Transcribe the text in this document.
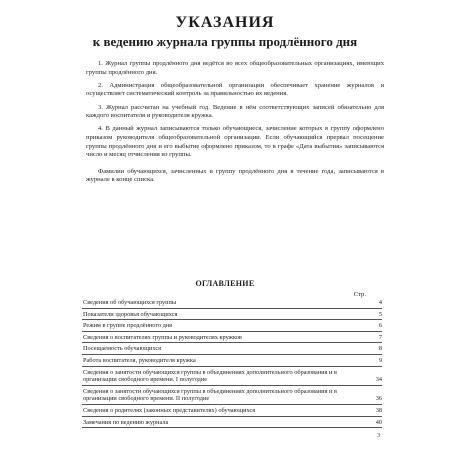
УКАЗАНИЯ
к ведению журнала группы продлённого дня

1. Журнал группы продлённого дня ведётся во всех общеобразовательных организациях, имеющих группы продлённого дня.

2. Администрация общеобразовательной организации обеспечивает хранение журналов и осуществляет систематический контроль за правильностью их ведения.

3. Журнал рассчитан на учебный год. Ведение в нём соответствующих записей обязательно для каждого воспитателя и руководителя кружка.

4. В данный журнал записываются только обучающиеся, зачисление которых в группу оформлено приказом руководителя общеобразовательной организации. Если обучающийся прервал посещение группы продлённого дня и его выбытие оформлено приказом, то в графе «Дата выбытия» записываются число и месяц отчисления из группы.

Фамилии обучающихся, зачисленных в группу продлённого дня в течение года, записываются в журнале в конце списка.

ОГЛАВЛЕНИЕ
Стр.
Сведения об обучающихся группы	4
Показатели здоровья обучающихся	5
Режим в группе продлённого дня	6
Сведения о воспитателях группы и руководителях кружков	7
Посещаемость обучающихся	8
Работа воспитателя, руководителя кружка	9
Сведения о занятости обучающихся группы в объединениях дополнительного образования и в организации свободного времени. I полугодие	34
Сведения о занятости обучающихся группы в объединениях дополнительного образования и в организации свободного времени. II полугодие	36
Сведения о родителях (законных представителях) обучающихся	38
Замечания по ведению журнала	40
3
